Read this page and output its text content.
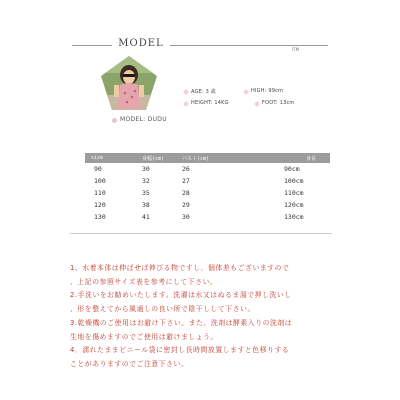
MODEL
ITM
MODEL: DUDU
AGE: 3 歳	HIGH: 99cm
HEIGHT: 14KG	FOOT: 13cm
size	身幅(cm)	バスト(cm)	身長
90	30	26	90cm
100	32	27	100cm
110	35	28	110cm
120	38	29	120cm
130	41	30	130cm
1、水着本体は伸ばせば伸びる物ですし、個体差もございますので
、上記の参照サイズ表を参考にして下さい。
2.手洗いをお勧めいたします。洗濯は水又はぬるま湯で押し洗いし
、形を整えてから風通しの良い所で陰干しして下さい。
3.乾燥機のご使用はお避け下さい。また、洗剤は酵素入りの洗剤は
生地を傷めますのでご使用は避けましょう。
4．濡れたままビニール袋に密封し長時間放置しますと色移りする
ことがありますのでご注意下さい。
